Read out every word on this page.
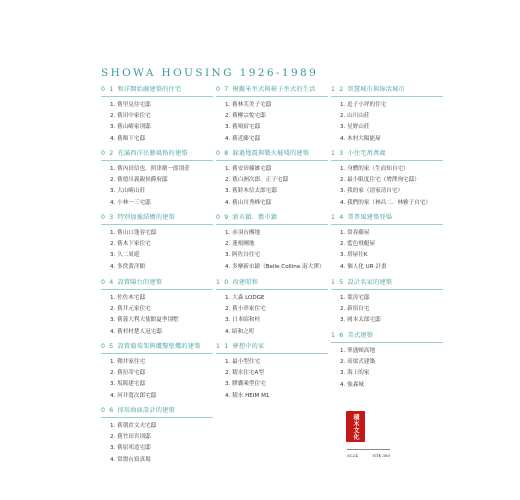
SHOWA HOUSING 1926-1989
0 1 和洋開始融建築的住宅
1. 舊里見侍宅邸
2. 舊田中家住宅
3. 舊山崎家別邸
4. 舊額下宅邸
0 2 充滿西洋民藝風格的建築
1. 舊內田信也．照津衛一郎別莊
2. 舊德川義親侯爵府邸
3. 大山崎山莊
4. 小林一三宅邸
0 3 特別加強結構的建築
1. 舊山口蓬春宅邸
2. 舊木下家住宅
3. 久二周遊
4. 多佚黃洋館
0 4 設置陽台的建築
1. 佐佐木宅邸
2. 舊井元家住宅
3. 舊義大利大使館夏季別墅
4. 舊杉村楚人冠宅邸
0 5 設置葡萄架與爐鑿壁爐的建築
1. 鞘井家住宅
2. 舊拉蒂宅邸
3. 坂阪建宅邸
4. 河井寬次郎宅邸
0 6 採用曲面設計的建築
1. 舊朝倉文夫宅邸
2. 舊竹田宮別邸
3. 舊原邦造宅邸
4. 常盤台寫真場
0 7 模擬米坐式與椅子坐式的生活
1. 舊林芙美子宅邸
2. 舊柳宗悅宅邸
3. 舊鳩宿宅邸
4. 舊近藤宅邸
0 8 躲過地震與戰火摧殘的建築
1. 舊安田楠雄宅邸
2. 舊白洲次郎．正子宅邸
3. 舊鈴木信太郎宅邸
4. 舊山川秀峰宅邸
0 9 新市鎮．舊市鎮
1. 赤羽台團地
2. 蓮根團地
3. 阿佐谷住宅
4. 多摩新市鎮（Belle Colline 南大澤）
1 0 改建昭和
1. 大森 LODGE
2. 舊小串家住宅
3. 日本昭和村
4. 昭和之町
1 1 夢想中的家
1. 最小型住宅
2. 積水住宅A型
3. 膠囊乘型住宅
4. 積水 HEIM M1
1 2 智慧城市與綠活城市
1. 追子小坪的住宅
2. 山川山莊
3. 星野山莊
4. 木村大陽能屋
1 3 小住宅萬萬歲
1. 身體的家（生而知自宅）
2. 最小限度住宅（增澤洵宅邸）
3. 我的家（清家清自宅）
4. 我們的家（林昌二．林雅子自宅）
1 4 普普風建築登場
1. 常春藤屋
2. 藍色飛艇屋
3. 塔屋住K
4. 個人化 UR 計畫
1 5 設計名家的建築
1. 葉涛宅邸
2. 新宿自宅
3. 岡本太郎宅邸
1 6 美式建築
1. 華盛頓高地
2. 高梁式建築
3. 海上的家
4. 強森城
積木文化
SC24	NT$ 380
